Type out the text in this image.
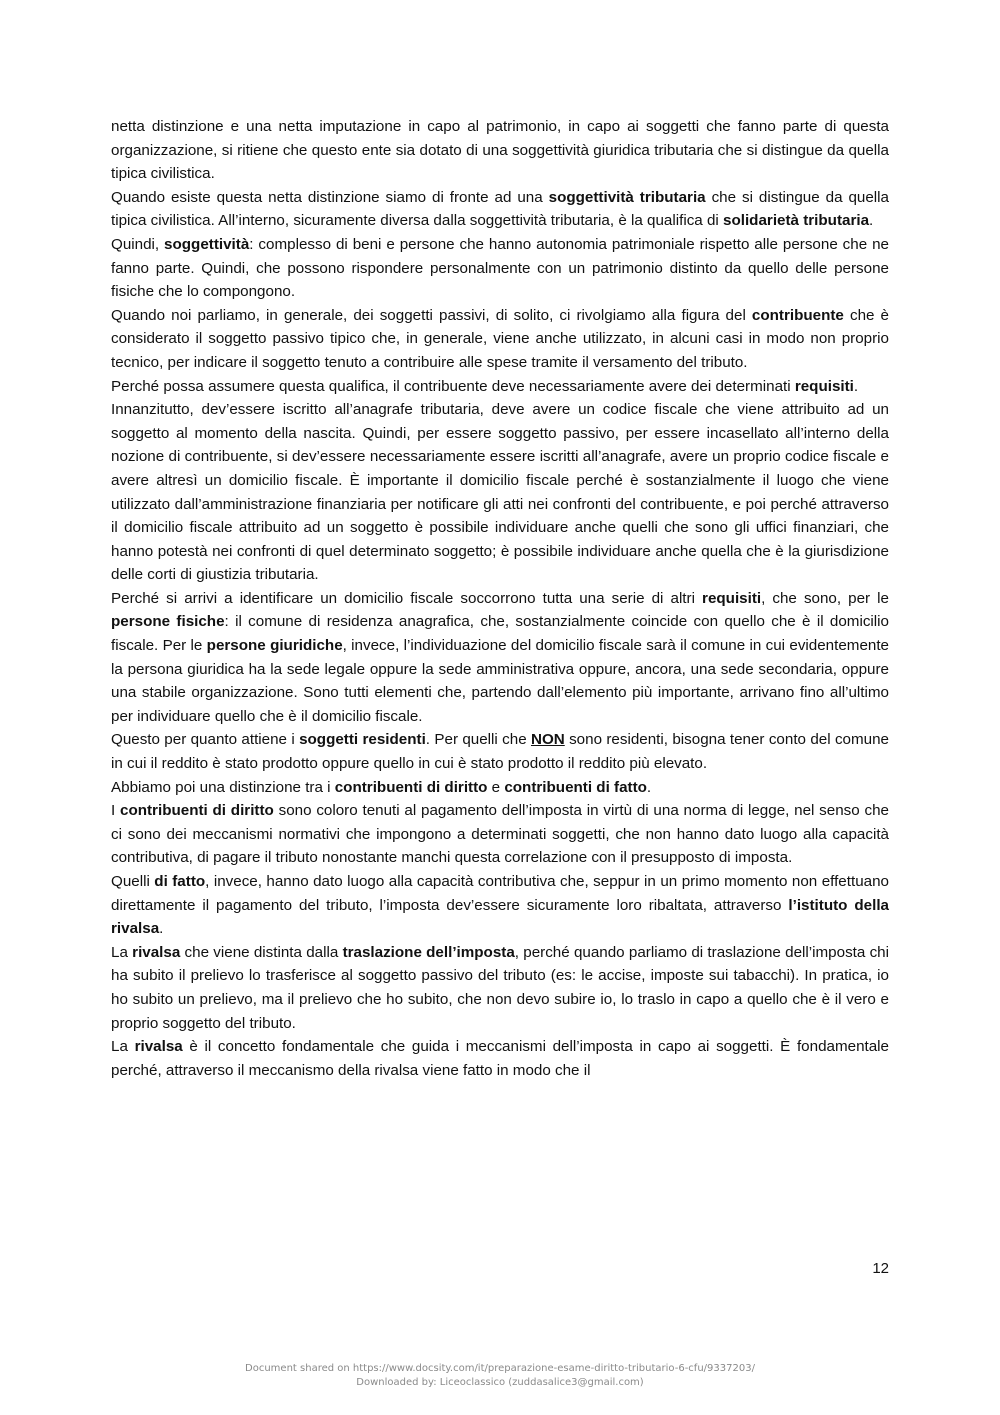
netta distinzione e una netta imputazione in capo al patrimonio, in capo ai soggetti che fanno parte di questa organizzazione, si ritiene che questo ente sia dotato di una soggettività giuridica tributaria che si distingue da quella tipica civilistica.

Quando esiste questa netta distinzione siamo di fronte ad una soggettività tributaria che si distingue da quella tipica civilistica. All’interno, sicuramente diversa dalla soggettività tributaria, è la qualifica di solidarietà tributaria.

Quindi, soggettività: complesso di beni e persone che hanno autonomia patrimoniale rispetto alle persone che ne fanno parte. Quindi, che possono rispondere personalmente con un patrimonio distinto da quello delle persone fisiche che lo compongono.

Quando noi parliamo, in generale, dei soggetti passivi, di solito, ci rivolgiamo alla figura del contribuente che è considerato il soggetto passivo tipico che, in generale, viene anche utilizzato, in alcuni casi in modo non proprio tecnico, per indicare il soggetto tenuto a contribuire alle spese tramite il versamento del tributo.

Perché possa assumere questa qualifica, il contribuente deve necessariamente avere dei determinati requisiti.

Innanzitutto, dev’essere iscritto all’anagrafe tributaria, deve avere un codice fiscale che viene attribuito ad un soggetto al momento della nascita. Quindi, per essere soggetto passivo, per essere incasellato all’interno della nozione di contribuente, si dev’essere necessariamente essere iscritti all’anagrafe, avere un proprio codice fiscale e avere altresì un domicilio fiscale. È importante il domicilio fiscale perché è sostanzialmente il luogo che viene utilizzato dall’amministrazione finanziaria per notificare gli atti nei confronti del contribuente, e poi perché attraverso il domicilio fiscale attribuito ad un soggetto è possibile individuare anche quelli che sono gli uffici finanziari, che hanno potestà nei confronti di quel determinato soggetto; è possibile individuare anche quella che è la giurisdizione delle corti di giustizia tributaria.

Perché si arrivi a identificare un domicilio fiscale soccorrono tutta una serie di altri requisiti, che sono, per le persone fisiche: il comune di residenza anagrafica, che, sostanzialmente coincide con quello che è il domicilio fiscale. Per le persone giuridiche, invece, l’individuazione del domicilio fiscale sarà il comune in cui evidentemente la persona giuridica ha la sede legale oppure la sede amministrativa oppure, ancora, una sede secondaria, oppure una stabile organizzazione. Sono tutti elementi che, partendo dall’elemento più importante, arrivano fino all’ultimo per individuare quello che è il domicilio fiscale.

Questo per quanto attiene i soggetti residenti. Per quelli che NON sono residenti, bisogna tener conto del comune in cui il reddito è stato prodotto oppure quello in cui è stato prodotto il reddito più elevato.

Abbiamo poi una distinzione tra i contribuenti di diritto e contribuenti di fatto.

I contribuenti di diritto sono coloro tenuti al pagamento dell’imposta in virtù di una norma di legge, nel senso che ci sono dei meccanismi normativi che impongono a determinati soggetti, che non hanno dato luogo alla capacità contributiva, di pagare il tributo nonostante manchi questa correlazione con il presupposto di imposta.

Quelli di fatto, invece, hanno dato luogo alla capacità contributiva che, seppur in un primo momento non effettuano direttamente il pagamento del tributo, l’imposta dev’essere sicuramente loro ribaltata, attraverso l’istituto della rivalsa.

La rivalsa che viene distinta dalla traslazione dell’imposta, perché quando parliamo di traslazione dell’imposta chi ha subito il prelievo lo trasferisce al soggetto passivo del tributo (es: le accise, imposte sui tabacchi). In pratica, io ho subito un prelievo, ma il prelievo che ho subito, che non devo subire io, lo traslo in capo a quello che è il vero e proprio soggetto del tributo.

La rivalsa è il concetto fondamentale che guida i meccanismi dell’imposta in capo ai soggetti. È fondamentale perché, attraverso il meccanismo della rivalsa viene fatto in modo che il

12
Document shared on https://www.docsity.com/it/preparazione-esame-diritto-tributario-6-cfu/9337203/
Downloaded by: Liceoclassico (zuddasalice3@gmail.com)
